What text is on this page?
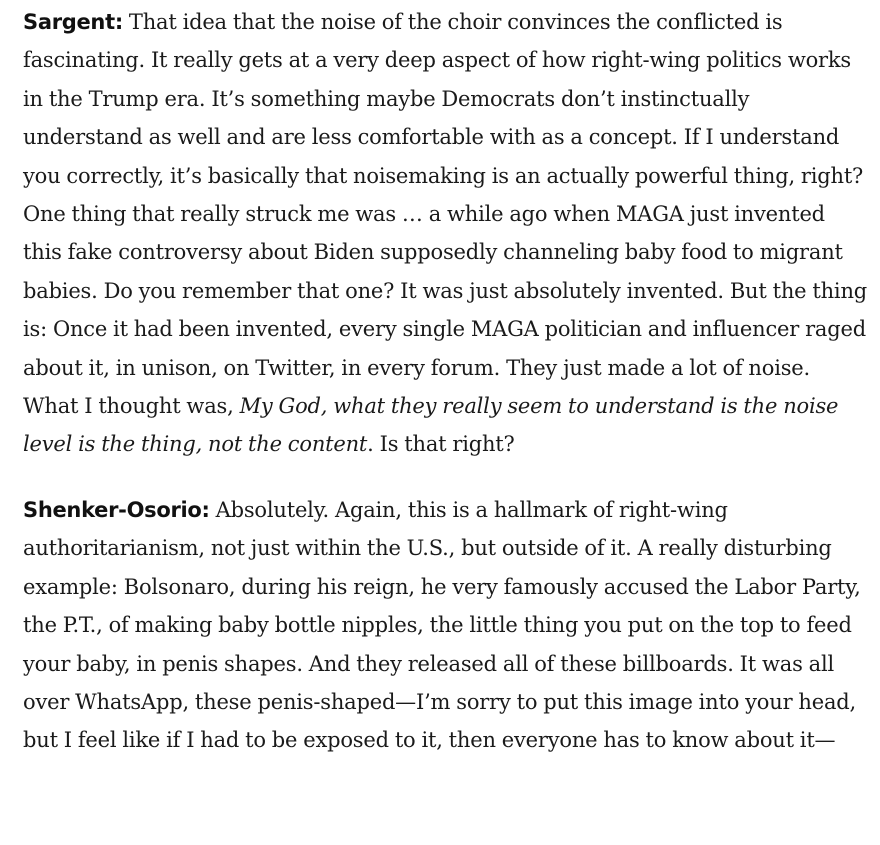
Sargent: That idea that the noise of the choir convinces the conflicted is fascinating. It really gets at a very deep aspect of how right-wing politics works in the Trump era. It’s something maybe Democrats don’t instinctually understand as well and are less comfortable with as a concept. If I understand you correctly, it’s basically that noisemaking is an actually powerful thing, right? One thing that really struck me was … a while ago when MAGA just invented this fake controversy about Biden supposedly channeling baby food to migrant babies. Do you remember that one? It was just absolutely invented. But the thing is: Once it had been invented, every single MAGA politician and influencer raged about it, in unison, on Twitter, in every forum. They just made a lot of noise. What I thought was, My God, what they really seem to understand is the noise level is the thing, not the content. Is that right?

Shenker-Osorio: Absolutely. Again, this is a hallmark of right-wing authoritarianism, not just within the U.S., but outside of it. A really disturbing example: Bolsonaro, during his reign, he very famously accused the Labor Party, the P.T., of making baby bottle nipples, the little thing you put on the top to feed your baby, in penis shapes. And they released all of these billboards. It was all over WhatsApp, these penis-shaped—I’m sorry to put this image into your head, but I feel like if I had to be exposed to it, then everyone has to know about it—
